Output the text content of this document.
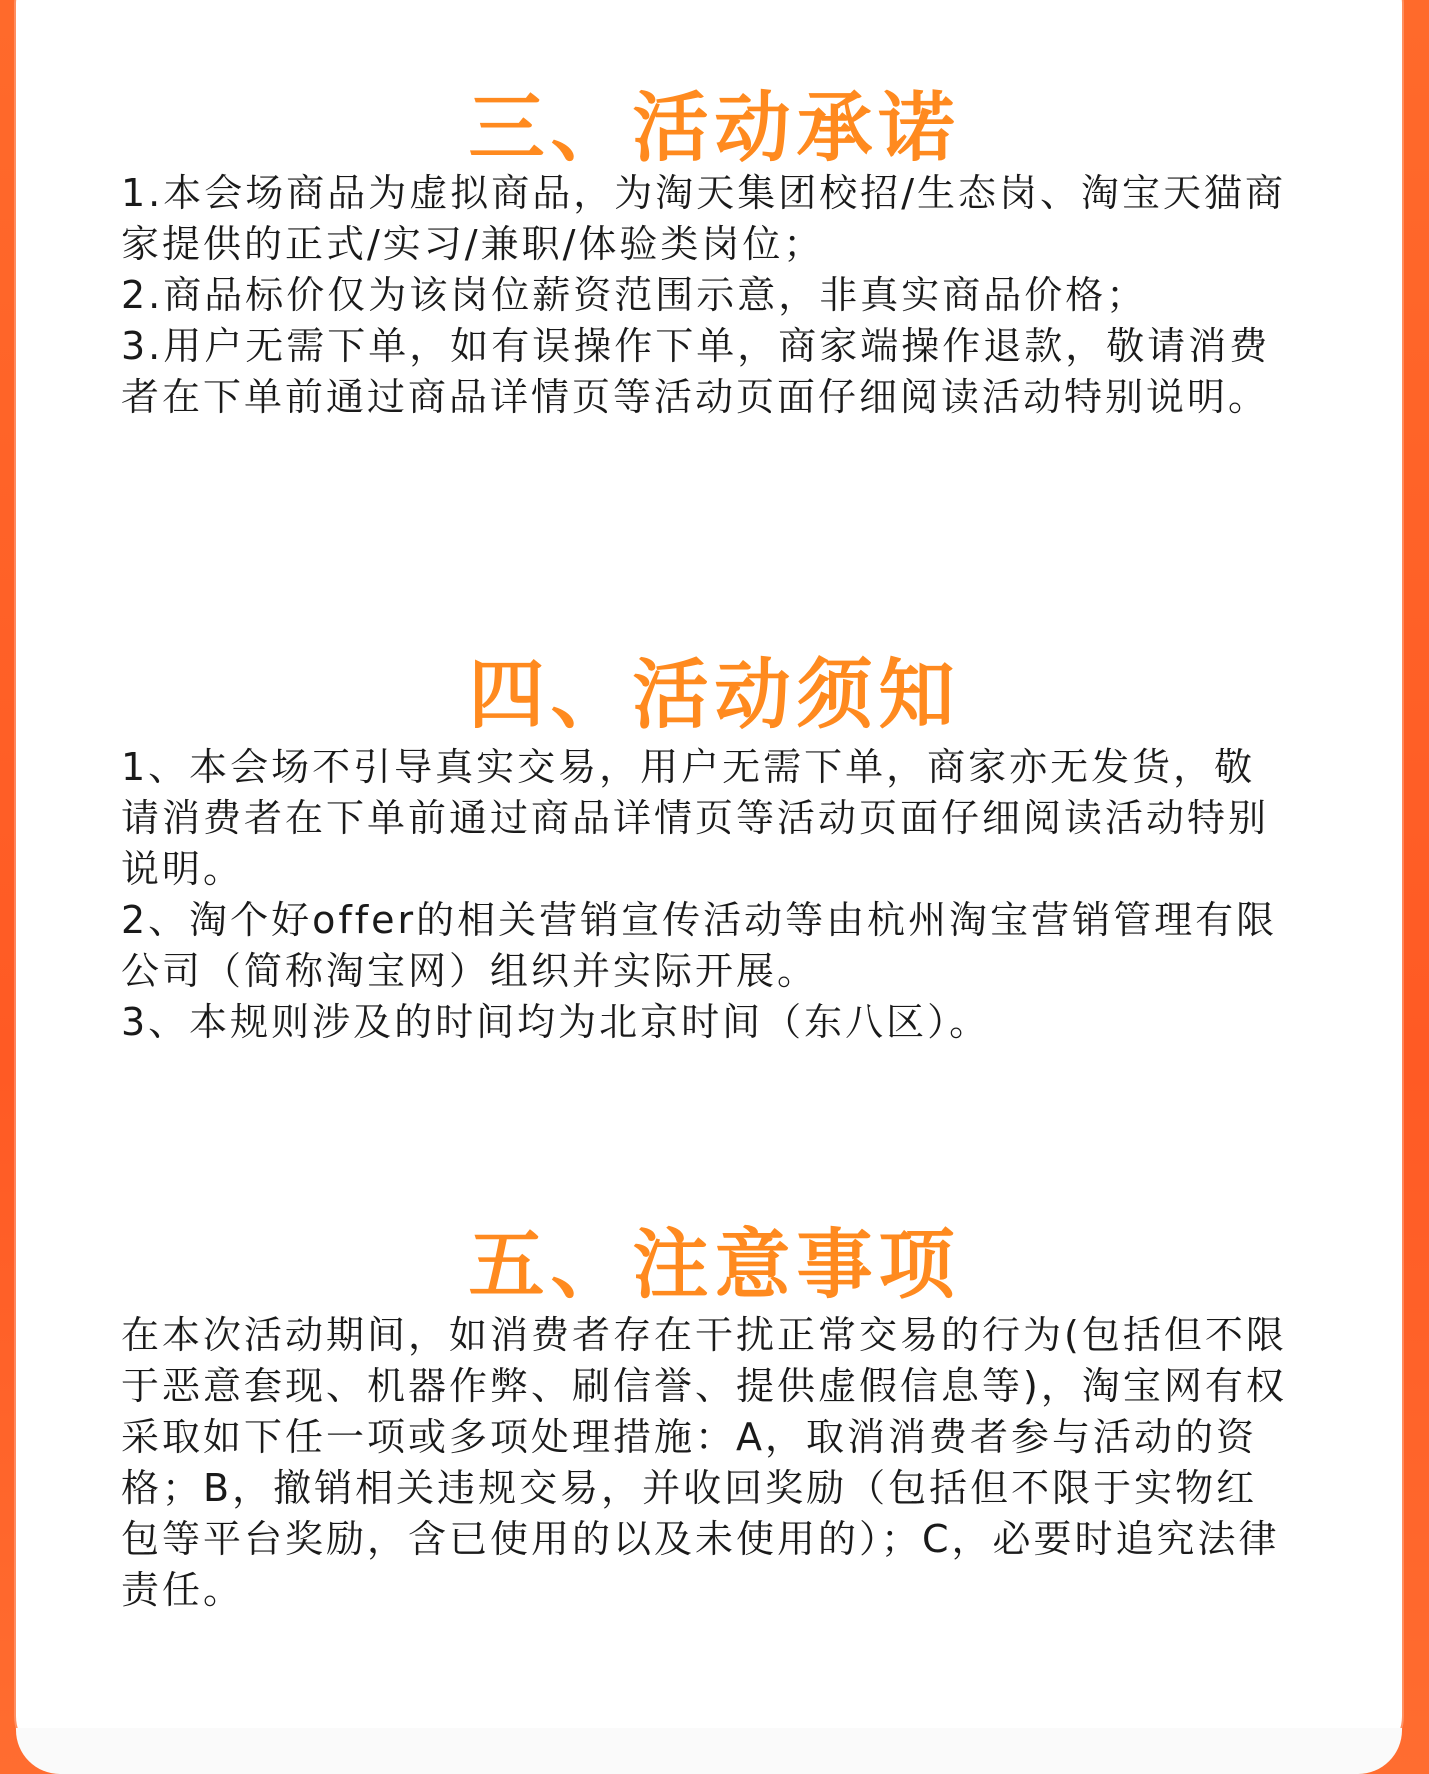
三、活动承诺

1.本会场商品为虚拟商品，为淘天集团校招/生态岗、淘宝天猫商家提供的正式/实习/兼职/体验类岗位；

2.商品标价仅为该岗位薪资范围示意，非真实商品价格；

3.用户无需下单，如有误操作下单，商家端操作退款，敬请消费者在下单前通过商品详情页等活动页面仔细阅读活动特别说明。

四、活动须知

1、本会场不引导真实交易，用户无需下单，商家亦无发货，敬请消费者在下单前通过商品详情页等活动页面仔细阅读活动特别说明。

2、淘个好offer的相关营销宣传活动等由杭州淘宝营销管理有限公司（简称淘宝网）组织并实际开展。

3、本规则涉及的时间均为北京时间（东八区）。

五、注意事项

在本次活动期间，如消费者存在干扰正常交易的行为(包括但不限于恶意套现、机器作弊、刷信誉、提供虚假信息等)，淘宝网有权采取如下任一项或多项处理措施：A，取消消费者参与活动的资格；B，撤销相关违规交易，并收回奖励（包括但不限于实物红包等平台奖励，含已使用的以及未使用的）；C，必要时追究法律责任。
